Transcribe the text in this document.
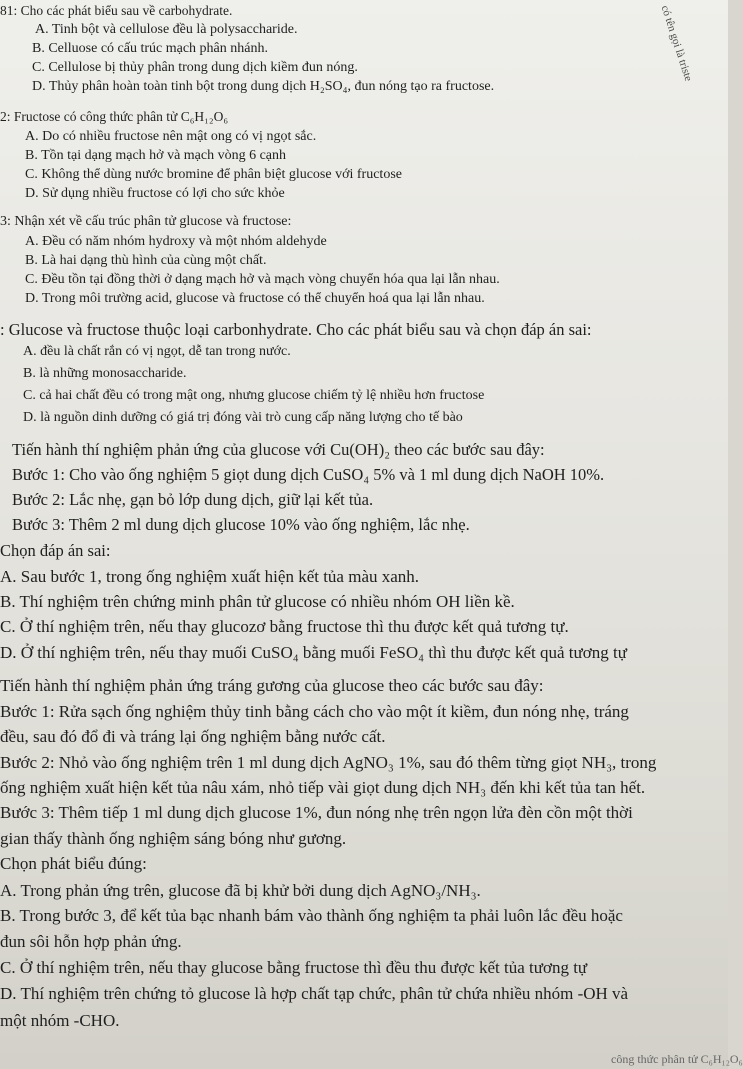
81: Cho các phát biểu sau về carbohydrate.
A. Tinh bột và cellulose đều là polysaccharide.
B. Celluose có cấu trúc mạch phân nhánh.
C. Cellulose bị thủy phân trong dung dịch kiềm đun nóng.
D. Thủy phân hoàn toàn tinh bột trong dung dịch H₂SO₄, đun nóng tạo ra fructose.
2: Fructose có công thức phân tử C₆H₁₂O₆
A. Do có nhiều fructose nên mật ong có vị ngọt sắc.
B. Tồn tại dạng mạch hở và mạch vòng 6 cạnh
C. Không thể dùng nước bromine để phân biệt glucose với fructose
D. Sử dụng nhiều fructose có lợi cho sức khỏe
3: Nhận xét về cấu trúc phân tử glucose và fructose:
A. Đều có năm nhóm hydroxy và một nhóm aldehyde
B. Là hai dạng thù hình của cùng một chất.
C. Đều tồn tại đồng thời ở dạng mạch hở và mạch vòng chuyển hóa qua lại lẫn nhau.
D. Trong môi trường acid, glucose và fructose có thể chuyển hoá qua lại lẫn nhau.
: Glucose và fructose thuộc loại carbonhydrate. Cho các phát biểu sau và chọn đáp án sai:
A. đều là chất rắn có vị ngọt, dễ tan trong nước.
B. là những monosaccharide.
C. cả hai chất đều có trong mật ong, nhưng glucose chiếm tỷ lệ nhiều hơn fructose
D. là nguồn dinh dưỡng có giá trị đóng vài trò cung cấp năng lượng cho tế bào
Tiến hành thí nghiệm phản ứng của glucose với Cu(OH)₂ theo các bước sau đây:
Bước 1: Cho vào ống nghiệm 5 giọt dung dịch CuSO₄ 5% và 1 ml dung dịch NaOH 10%.
Bước 2: Lắc nhẹ, gạn bỏ lớp dung dịch, giữ lại kết tủa.
Bước 3: Thêm 2 ml dung dịch glucose 10% vào ống nghiệm, lắc nhẹ.
Chọn đáp án sai:
A. Sau bước 1, trong ống nghiệm xuất hiện kết tủa màu xanh.
B. Thí nghiệm trên chứng minh phân tử glucose có nhiều nhóm OH liền kề.
C. Ở thí nghiệm trên, nếu thay glucozơ bằng fructose thì thu được kết quả tương tự.
D. Ở thí nghiệm trên, nếu thay muối CuSO₄ bằng muối FeSO₄ thì thu được kết quả tương tự
Tiến hành thí nghiệm phản ứng tráng gương của glucose theo các bước sau đây:
Bước 1: Rửa sạch ống nghiệm thủy tinh bằng cách cho vào một ít kiềm, đun nóng nhẹ, tráng
đều, sau đó đổ đi và tráng lại ống nghiệm bằng nước cất.
Bước 2: Nhỏ vào ống nghiệm trên 1 ml dung dịch AgNO₃ 1%, sau đó thêm từng giọt NH₃, trong
ống nghiệm xuất hiện kết tủa nâu xám, nhỏ tiếp vài giọt dung dịch NH₃ đến khi kết tủa tan hết.
Bước 3: Thêm tiếp 1 ml dung dịch glucose 1%, đun nóng nhẹ trên ngọn lửa đèn cồn một thời
gian thấy thành ống nghiệm sáng bóng như gương.
Chọn phát biểu đúng:
A. Trong phản ứng trên, glucose đã bị khử bởi dung dịch AgNO₃/NH₃.
B. Trong bước 3, để kết tủa bạc nhanh bám vào thành ống nghiệm ta phải luôn lắc đều hoặc
đun sôi hỗn hợp phản ứng.
C. Ở thí nghiệm trên, nếu thay glucose bằng fructose thì đều thu được kết tủa tương tự
D. Thí nghiệm trên chứng tỏ glucose là hợp chất tạp chức, phân tử chứa nhiều nhóm -OH và
một nhóm -CHO.
có tên gọi là triste
công thức phân tử C₆H₁₂O₆
